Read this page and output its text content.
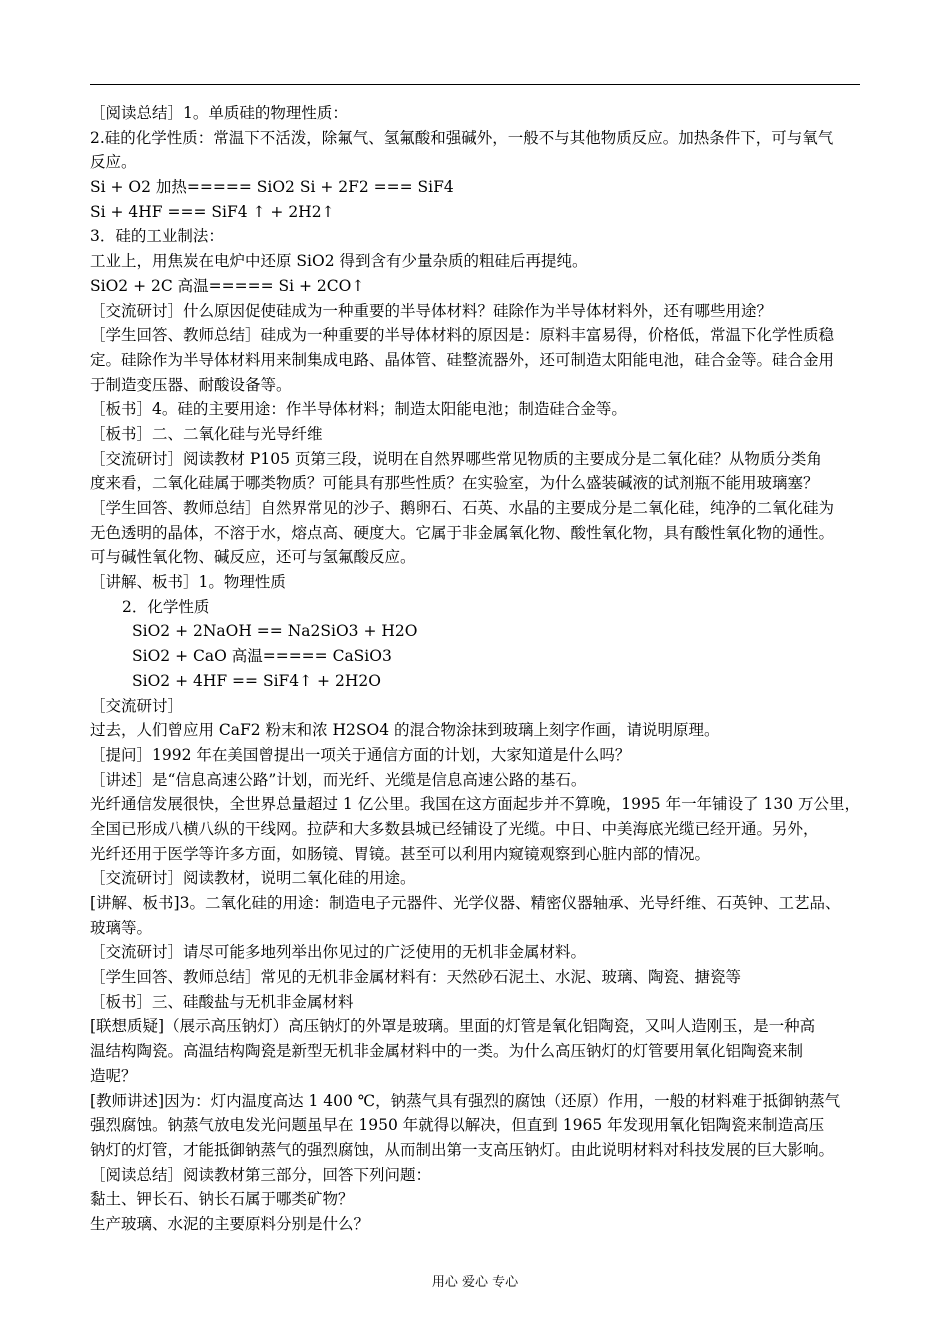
［阅读总结］1。单质硅的物理性质：
2.硅的化学性质：常温下不活泼，除氟气、氢氟酸和强碱外，一般不与其他物质反应。加热条件下，可与氧气
反应。
Si + O2 加热===== SiO2 Si + 2F2 === SiF4
Si + 4HF === SiF4 ↑ + 2H2↑
3．硅的工业制法：
工业上，用焦炭在电炉中还原 SiO2 得到含有少量杂质的粗硅后再提纯。
SiO2 + 2C 高温===== Si + 2CO↑
［交流研讨］什么原因促使硅成为一种重要的半导体材料？硅除作为半导体材料外，还有哪些用途？
［学生回答、教师总结］硅成为一种重要的半导体材料的原因是：原料丰富易得，价格低，常温下化学性质稳
定。硅除作为半导体材料用来制集成电路、晶体管、硅整流器外，还可制造太阳能电池，硅合金等。硅合金用
于制造变压器、耐酸设备等。
［板书］4。硅的主要用途：作半导体材料；制造太阳能电池；制造硅合金等。
［板书］二、二氧化硅与光导纤维
［交流研讨］阅读教材 P105 页第三段，说明在自然界哪些常见物质的主要成分是二氧化硅？从物质分类角
度来看，二氧化硅属于哪类物质？可能具有那些性质？在实验室，为什么盛装碱液的试剂瓶不能用玻璃塞？
［学生回答、教师总结］自然界常见的沙子、鹅卵石、石英、水晶的主要成分是二氧化硅，纯净的二氧化硅为
无色透明的晶体，不溶于水，熔点高、硬度大。它属于非金属氧化物、酸性氧化物，具有酸性氧化物的通性。
可与碱性氧化物、碱反应，还可与氢氟酸反应。
［讲解、板书］1。物理性质
2．化学性质
SiO2 + 2NaOH == Na2SiO3 + H2O
SiO2 + CaO 高温===== CaSiO3
SiO2 + 4HF == SiF4↑ + 2H2O
［交流研讨］
过去，人们曾应用 CaF2 粉末和浓 H2SO4 的混合物涂抹到玻璃上刻字作画，请说明原理。
［提问］1992 年在美国曾提出一项关于通信方面的计划，大家知道是什么吗？
［讲述］是“信息高速公路”计划，而光纤、光缆是信息高速公路的基石。
光纤通信发展很快，全世界总量超过 1 亿公里。我国在这方面起步并不算晚，1995 年一年铺设了 130 万公里，
全国已形成八横八纵的干线网。拉萨和大多数县城已经铺设了光缆。中日、中美海底光缆已经开通。另外，
光纤还用于医学等许多方面，如肠镜、胃镜。甚至可以利用内窥镜观察到心脏内部的情况。
［交流研讨］阅读教材，说明二氧化硅的用途。
[讲解、板书]3。二氧化硅的用途：制造电子元器件、光学仪器、精密仪器轴承、光导纤维、石英钟、工艺品、
玻璃等。
［交流研讨］请尽可能多地列举出你见过的广泛使用的无机非金属材料。
［学生回答、教师总结］常见的无机非金属材料有：天然砂石泥土、水泥、玻璃、陶瓷、搪瓷等
［板书］三、硅酸盐与无机非金属材料
[联想质疑]（展示高压钠灯）高压钠灯的外罩是玻璃。里面的灯管是氧化铝陶瓷，又叫人造刚玉，是一种高
温结构陶瓷。高温结构陶瓷是新型无机非金属材料中的一类。为什么高压钠灯的灯管要用氧化铝陶瓷来制
造呢？
[教师讲述]因为：灯内温度高达 1 400 ℃，钠蒸气具有强烈的腐蚀（还原）作用，一般的材料难于抵御钠蒸气
强烈腐蚀。钠蒸气放电发光问题虽早在 1950 年就得以解决，但直到 1965 年发现用氧化铝陶瓷来制造高压
钠灯的灯管，才能抵御钠蒸气的强烈腐蚀，从而制出第一支高压钠灯。由此说明材料对科技发展的巨大影响。
［阅读总结］阅读教材第三部分，回答下列问题：
黏土、钾长石、钠长石属于哪类矿物？
生产玻璃、水泥的主要原料分别是什么？
用心 爱心 专心
